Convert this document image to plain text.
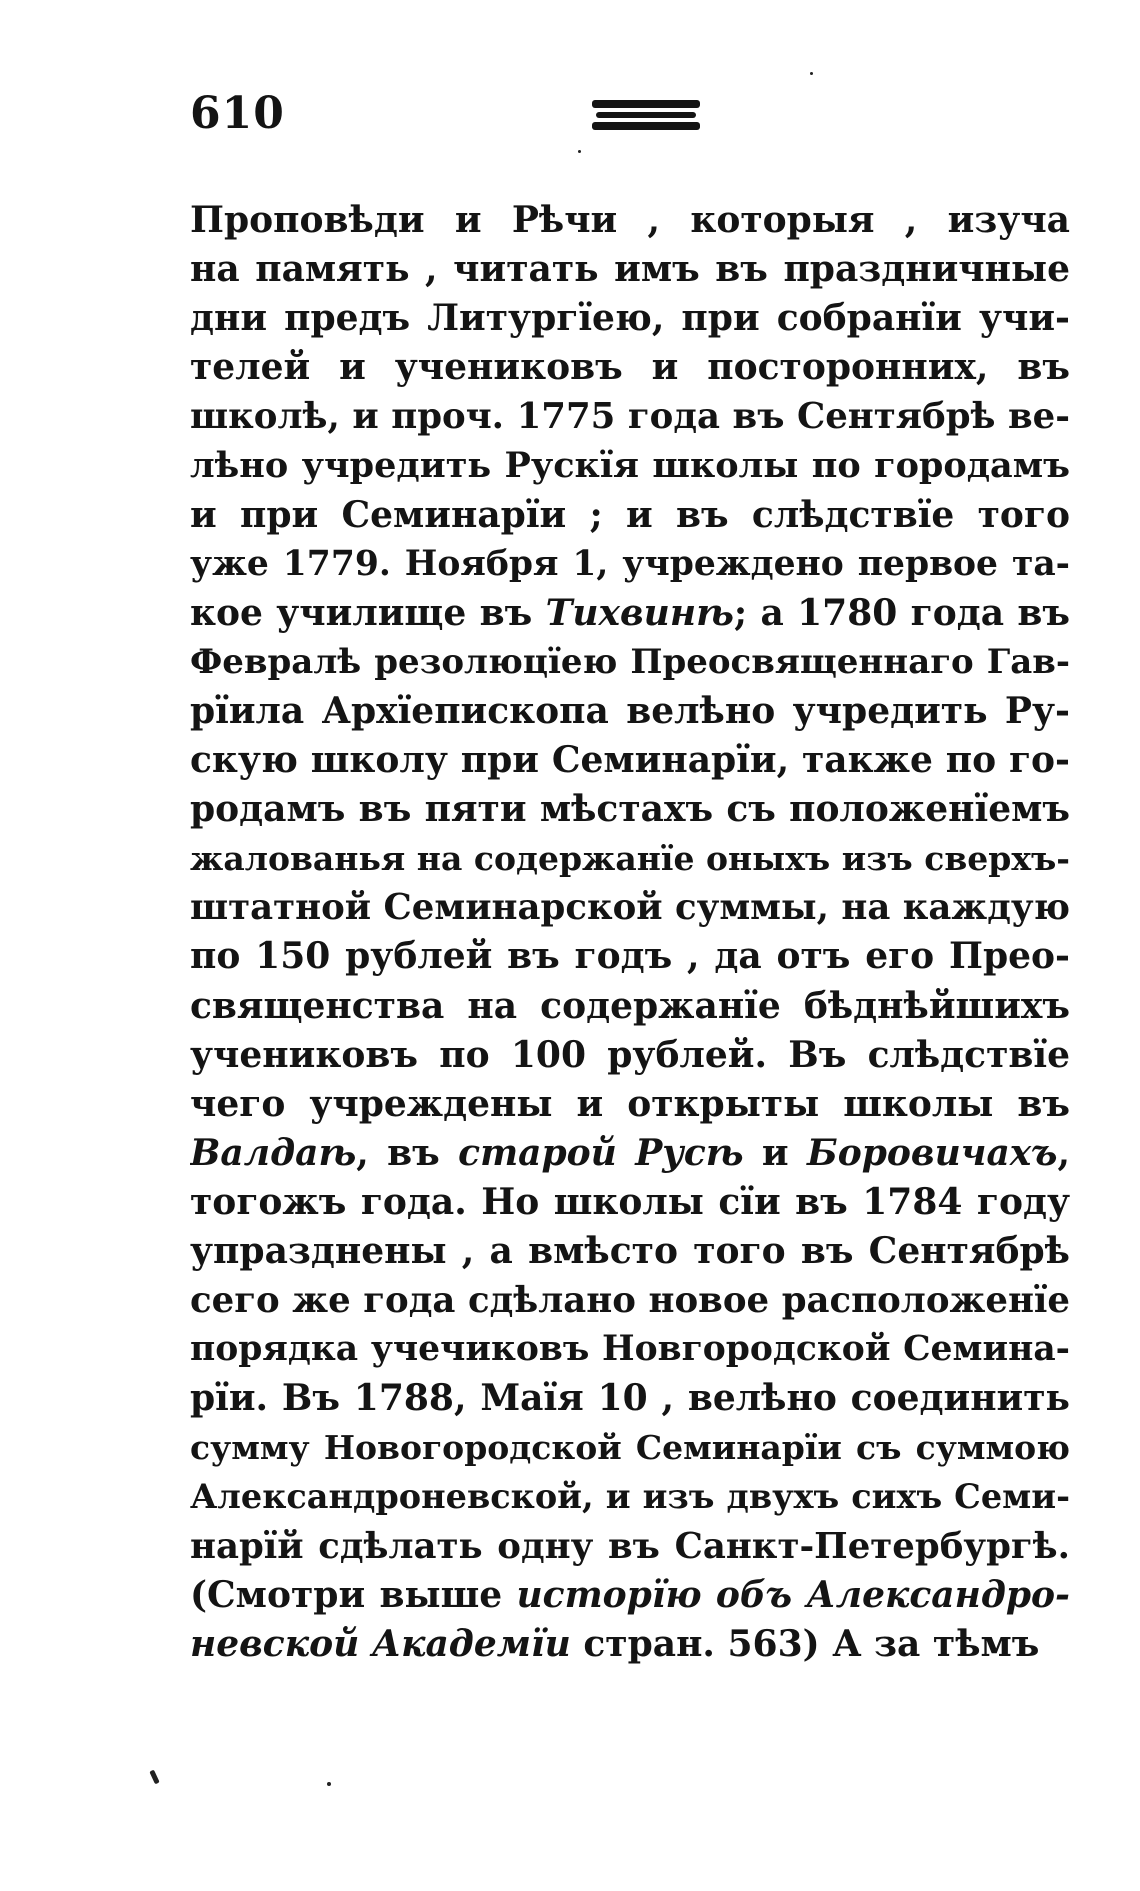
610
Проповѣди и Рѣчи , которыя , изуча
на память , читать имъ въ праздничные
дни предъ Литургїею, при собранїи учи-
телей и учениковъ и посторонних, въ
школѣ, и проч. 1775 года въ Сентябрѣ ве-
лѣно учредить Рускїя школы по городамъ
и при Семинарїи ; и въ слѣдствїе того
уже 1779. Ноября 1, учреждено первое та-
кое училище въ Тихвинѣ; а 1780 года въ
Февралѣ резолюцїею Преосвященнаго Гав-
рїила Архїепископа велѣно учредить Ру-
скую школу при Семинарїи, также по го-
родамъ въ пяти мѣстахъ съ положенїемъ
жалованья на содержанїе оныхъ изъ сверхъ-
штатной Семинарской суммы, на каждую
по 150 рублей въ годъ , да отъ его Прео-
священства на содержанїе бѣднѣйшихъ
учениковъ по 100 рублей. Въ слѣдствїе
чего учреждены и открыты школы въ
Валдаѣ, въ старой Русѣ и Боровичахъ,
тогожъ года. Но школы сїи въ 1784 году
упразднены , а вмѣсто того въ Сентябрѣ
сего же года сдѣлано новое расположенїе
порядка учечиковъ Новгородской Семина-
рїи. Въ 1788, Маїя 10 , велѣно соединить
сумму Новогородской Семинарїи съ суммою
Александроневской, и изъ двухъ сихъ Семи-
нарїй сдѣлать одну въ Санкт-Петербургѣ.
(Смотри выше исторїю объ Александро-
невской Академїи стран. 563) А за тѣмъ
